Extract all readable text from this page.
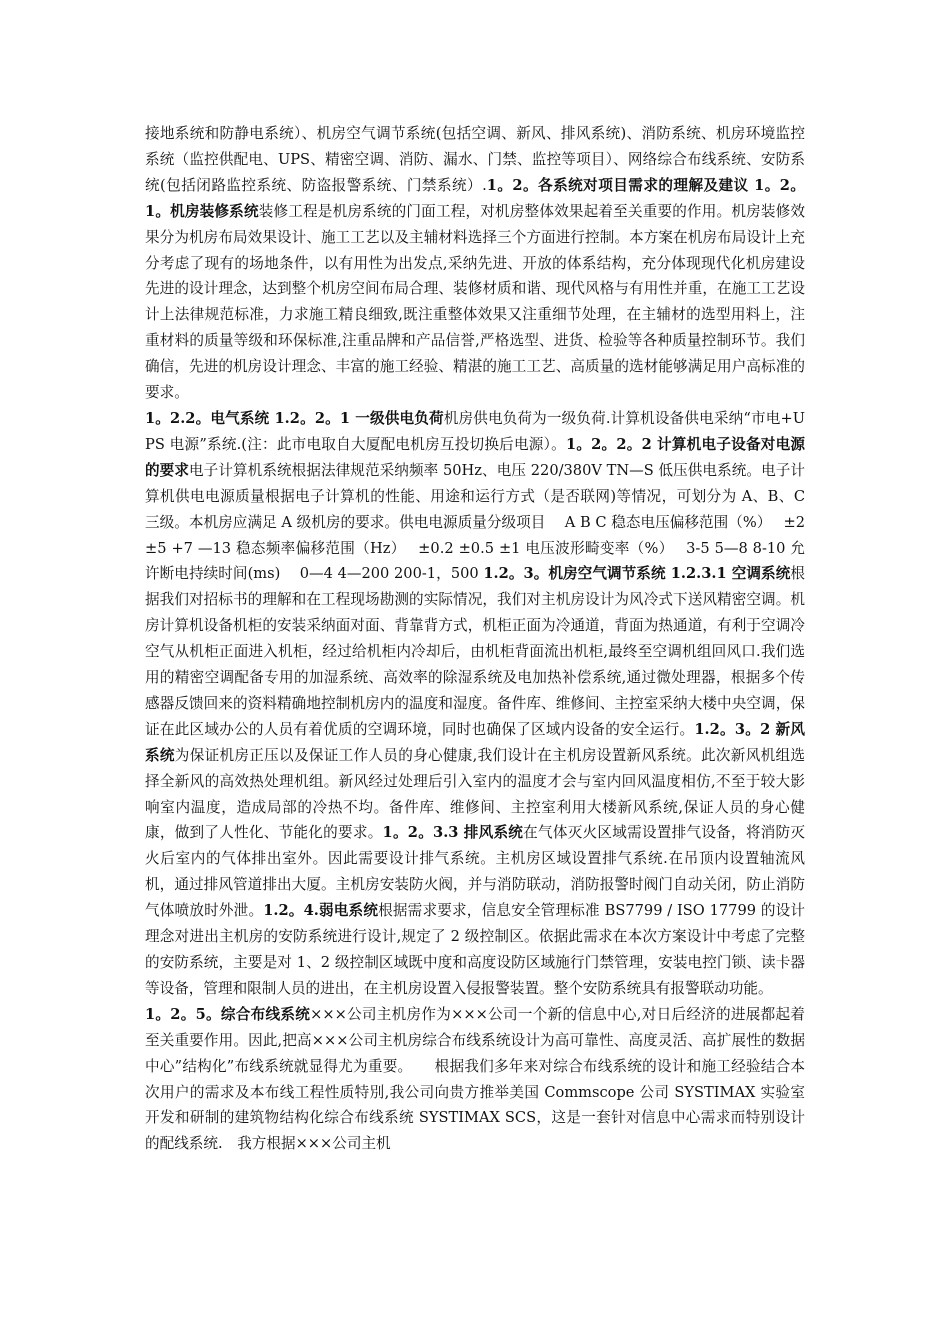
接地系统和防静电系统）、机房空气调节系统(包括空调、新风、排风系统)、消防系统、机房环境监控系统（监控供配电、UPS、精密空调、消防、漏水、门禁、监控等项目）、网络综合布线系统、安防系统(包括闭路监控系统、防盗报警系统、门禁系统）.1。2。各系统对项目需求的理解及建议 1。2。1。机房装修系统装修工程是机房系统的门面工程，对机房整体效果起着至关重要的作用。机房装修效果分为机房布局效果设计、施工工艺以及主辅材料选择三个方面进行控制。本方案在机房布局设计上充分考虑了现有的场地条件，以有用性为出发点,采纳先进、开放的体系结构，充分体现现代化机房建设先进的设计理念，达到整个机房空间布局合理、装修材质和谐、现代风格与有用性并重，在施工工艺设计上法律规范标准，力求施工精良细致,既注重整体效果又注重细节处理，在主辅材的选型用料上，注重材料的质量等级和环保标准,注重品牌和产品信誉,严格选型、进货、检验等各种质量控制环节。我们确信，先进的机房设计理念、丰富的施工经验、精湛的施工工艺、高质量的选材能够满足用户高标准的要求。

1。2.2。电气系统 1.2。2。1 一级供电负荷机房供电负荷为一级负荷.计算机设备供电采纳“市电+UPS 电源”系统.(注：此市电取自大厦配电机房互投切换后电源）。1。2。2。2 计算机电子设备对电源的要求电子计算机系统根据法律规范采纳频率 50Hz、电压 220/380V TN—S 低压供电系统。电子计算机供电电源质量根据电子计算机的性能、用途和运行方式（是否联网)等情况，可划分为 A、B、C 三级。本机房应满足 A 级机房的要求。供电电源质量分级项目　 A B C 稳态电压偏移范围（%）　 ±2 ±5 +7 —13 稳态频率偏移范围（Hz）　 ±0.2 ±0.5 ±1 电压波形畸变率（%）　 3-5 5—8 8-10 允许断电持续时间(ms)　 0—4 4—200 200-1，500 1.2。3。机房空气调节系统 1.2.3.1 空调系统根据我们对招标书的理解和在工程现场勘测的实际情况，我们对主机房设计为风冷式下送风精密空调。机房计算机设备机柜的安装采纳面对面、背靠背方式，机柜正面为冷通道，背面为热通道，有利于空调冷空气从机柜正面进入机柜，经过给机柜内冷却后，由机柜背面流出机柜,最终至空调机组回风口.我们选用的精密空调配备专用的加湿系统、高效率的除湿系统及电加热补偿系统,通过微处理器，根据多个传感器反馈回来的资料精确地控制机房内的温度和湿度。备件库、维修间、主控室采纳大楼中央空调，保证在此区域办公的人员有着优质的空调环境，同时也确保了区域内设备的安全运行。1.2。3。2 新风系统为保证机房正压以及保证工作人员的身心健康,我们设计在主机房设置新风系统。此次新风机组选择全新风的高效热处理机组。新风经过处理后引入室内的温度才会与室内回风温度相仿,不至于较大影响室内温度，造成局部的冷热不均。备件库、维修间、主控室利用大楼新风系统,保证人员的身心健康，做到了人性化、节能化的要求。1。2。3.3 排风系统在气体灭火区域需设置排气设备，将消防灭火后室内的气体排出室外。因此需要设计排气系统。主机房区域设置排气系统.在吊顶内设置轴流风机，通过排风管道排出大厦。主机房安装防火阀，并与消防联动，消防报警时阀门自动关闭，防止消防气体喷放时外泄。1.2。4.弱电系统根据需求要求，信息安全管理标准 BS7799 / ISO 17799 的设计理念对进出主机房的安防系统进行设计,规定了 2 级控制区。依据此需求在本次方案设计中考虑了完整的安防系统，主要是对 1、2 级控制区域既中度和高度设防区域施行门禁管理，安装电控门锁、读卡器等设备，管理和限制人员的进出，在主机房设置入侵报警装置。整个安防系统具有报警联动功能。

1。2。5。综合布线系统×××公司主机房作为×××公司一个新的信息中心,对日后经济的进展都起着至关重要作用。因此,把高×××公司主机房综合布线系统设计为高可靠性、高度灵活、高扩展性的数据中心”结构化”布线系统就显得尤为重要。　　根据我们多年来对综合布线系统的设计和施工经验结合本次用户的需求及本布线工程性质特別,我公司向贵方推举美国 Commscope 公司 SYSTIMAX 实验室开发和研制的建筑物结构化综合布线系统 SYSTIMAX SCS，这是一套针对信息中心需求而特别设计的配线系统.　我方根据×××公司主机
